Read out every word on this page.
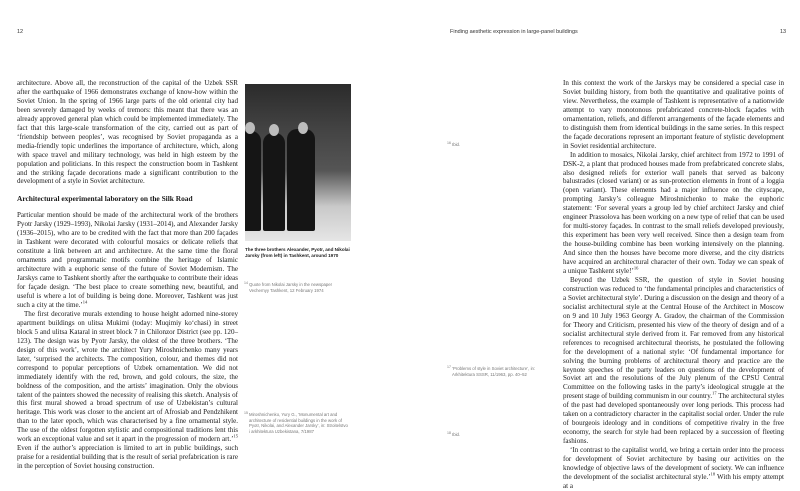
12	Finding aesthetic expression in large-panel buildings	13

architecture. Above all, the reconstruction of the capital of the Uzbek SSR after the earthquake of 1966 demonstrates exchange of know-how within the Soviet Union. In the spring of 1966 large parts of the old oriental city had been severely damaged by weeks of tremors: this meant that there was an already approved general plan which could be implemented immediately. The fact that this large-scale transformation of the city, carried out as part of ‘friendship between peoples’, was recognised by Soviet propaganda as a media-friendly topic underlines the importance of architecture, which, along with space travel and military technology, was held in high esteem by the population and politicians. In this respect the construction boom in Tashkent and the striking façade decorations made a significant contribution to the development of a style in Soviet architecture.

Architectural experimental laboratory on the Silk Road

Particular mention should be made of the architectural work of the brothers Pyotr Jarsky (1929–1993), Nikolai Jarsky (1931–2014), and Alexander Jarsky (1936–2015), who are to be credited with the fact that more than 200 façades in Tashkent were decorated with colourful mosaics or delicate reliefs that constitute a link between art and architecture. At the same time the floral ornaments and programmatic motifs combine the heritage of Islamic architecture with a euphoric sense of the future of Soviet Modernism. The Jarskys came to Tashkent shortly after the earthquake to contribute their ideas for façade design. ‘The best place to create something new, beautiful, and useful is where a lot of building is being done. Moreover, Tashkent was just such a city at the time.’$^{14}$

The first decorative murals extending to house height adorned nine-storey apartment buildings on ulitsa Mukimi (today: Muqimiy ko‘chasi) in street block 5 and ulitsa Kataral in street block 7 in Chilonzor District (see pp. 120–123). The design was by Pyotr Jarsky, the oldest of the three brothers. ‘The design of this work’, wrote the architect Yury Miroshnichenko many years later, ‘surprised the architects. The composition, colour, and themes did not correspond to popular perceptions of Uzbek ornamentation. We did not immediately identify with the red, brown, and gold colours, the size, the boldness of the composition, and the artists’ imagination. Only the obvious talent of the painters showed the necessity of realising this sketch. Analysis of this first mural showed a broad spectrum of use of Uzbekistan’s cultural heritage. This work was closer to the ancient art of Afrosiab and Pendzhikent than to the later epoch, which was characterised by a fine ornamental style. The use of the oldest forgotten stylistic and compositional traditions lent this work an exceptional value and set it apart in the progression of modern art.’$^{15}$ Even if the author’s appreciation is limited to art in public buildings, such praise for a residential building that is the result of serial prefabrication is rare in the perception of Soviet housing construction.

The three brothers Alexander, Pyotr, and Nikolai Jarsky (from left) in Tashkent, around 1970
14 Quote from Nikolai Jarsky in the newspaper Vechernyy Tashkent, 12 February 1974
15 Miroshnichenko, Yury G., ‘Monumental art and architecture of residential buildings in the work of Pyotr, Nikolai, and Alexander Jarsky’, in: Stroitelstvo i arkhitektura Uzbekistana, 7/1987
16 Ibid.
17 ‘Problems of style in Soviet architecture’, in: Arkhitektura SSSR, 11/1963, pp. 40–52
18 Ibid.

In this context the work of the Jarskys may be considered a special case in Soviet building history, from both the quantitative and qualitative points of view. Nevertheless, the example of Tashkent is representative of a nationwide attempt to vary monotonous prefabricated concrete-block façades with ornamentation, reliefs, and different arrangements of the façade elements and to distinguish them from identical buildings in the same series. In this respect the façade decorations represent an important feature of stylistic development in Soviet residential architecture.

In addition to mosaics, Nikolai Jarsky, chief architect from 1972 to 1991 of DSK-2, a plant that produced houses made from prefabricated concrete slabs, also designed reliefs for exterior wall panels that served as balcony balustrades (closed variant) or as sun-protection elements in front of a loggia (open variant). These elements had a major influence on the cityscape, prompting Jarsky’s colleague Miroshnichenko to make the euphoric statement: ‘For several years a group led by chief architect Jarsky and chief engineer Prassolova has been working on a new type of relief that can be used for multi-storey façades. In contrast to the small reliefs developed previously, this experiment has been very well received. Since then a design team from the house-building combine has been working intensively on the planning. And since then the houses have become more diverse, and the city districts have acquired an architectural character of their own. Today we can speak of a unique Tashkent style!’$^{16}$

Beyond the Uzbek SSR, the question of style in Soviet housing construction was reduced to ‘the fundamental principles and characteristics of a Soviet architectural style’. During a discussion on the design and theory of a socialist architectural style at the Central House of the Architect in Moscow on 9 and 10 July 1963 Georgy A. Gradov, the chairman of the Commission for Theory and Criticism, presented his view of the theory of design and of a socialist architectural style derived from it. Far removed from any historical references to recognised architectural theorists, he postulated the following for the development of a national style: ‘Of fundamental importance for solving the burning problems of architectural theory and practice are the keynote speeches of the party leaders on questions of the development of Soviet art and the resolutions of the July plenum of the CPSU Central Committee on the following tasks in the party’s ideological struggle at the present stage of building communism in our country.$^{17}$ The architectural styles of the past had developed spontaneously over long periods. This process had taken on a contradictory character in the capitalist social order. Under the rule of bourgeois ideology and in conditions of competitive rivalry in the free economy, the search for style had been replaced by a succession of fleeting fashions.

‘In contrast to the capitalist world, we bring a certain order into the process for development of Soviet architecture by basing our activities on the knowledge of objective laws of the development of society. We can influence the development of the socialist architectural style.’$^{18}$ With his empty attempt at a
